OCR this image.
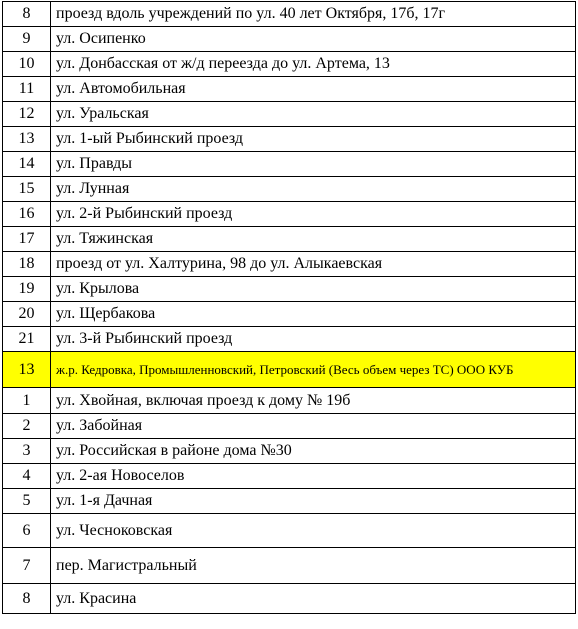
8	проезд вдоль учреждений по ул. 40 лет Октября, 17б, 17г
9	ул. Осипенко
10	ул. Донбасская от ж/д переезда до ул. Артема, 13
11	ул. Автомобильная
12	ул. Уральская
13	ул. 1-ый Рыбинский проезд
14	ул. Правды
15	ул. Лунная
16	ул. 2-й Рыбинский проезд
17	ул. Тяжинская
18	проезд от ул. Халтурина, 98 до ул. Алыкаевская
19	ул. Крылова
20	ул. Щербакова
21	ул. 3-й Рыбинский проезд
13	ж.р. Кедровка, Промышленновский, Петровский (Весь объем через ТС) ООО КУБ
1	ул. Хвойная, включая проезд к дому № 19б
2	ул. Забойная
3	ул. Российская в районе дома №30
4	ул. 2-ая Новоселов
5	ул. 1-я Дачная
6	ул. Чесноковская
7	пер. Магистральный
8	ул. Красина
